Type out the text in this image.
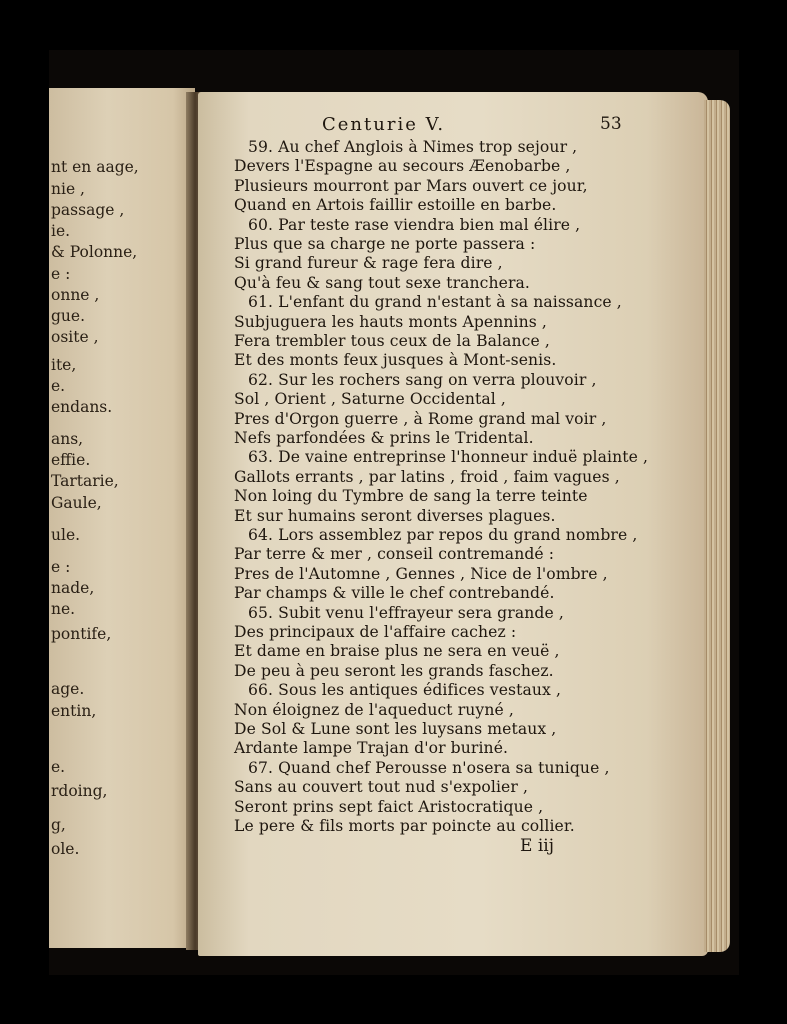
nt en aage,
nie ,
passage ,
ie.
& Polonne,
e :
onne ,
gue.
osite ,
ite,
e.
endans.
ans,
effie.
Tartarie,
Gaule,
ule.
e :
nade,
ne.
pontife,
age.
entin,
e.
rdoing,
g,
ole.
Centurie V.	53
59. Au chef Anglois à Nimes trop sejour ,
Devers l'Espagne au secours Æenobarbe ,
Plusieurs mourront par Mars ouvert ce jour,
Quand en Artois faillir estoille en barbe.
60. Par teste rase viendra bien mal élire ,
Plus que sa charge ne porte passera :
Si grand fureur & rage fera dire ,
Qu'à feu & sang tout sexe tranchera.
61. L'enfant du grand n'estant à sa naissance ,
Subjuguera les hauts monts Apennins ,
Fera trembler tous ceux de la Balance ,
Et des monts feux jusques à Mont-senis.
62. Sur les rochers sang on verra plouvoir ,
Sol , Orient , Saturne Occidental ,
Pres d'Orgon guerre , à Rome grand mal voir ,
Nefs parfondées & prins le Tridental.
63. De vaine entreprinse l'honneur induë plainte ,
Gallots errants , par latins , froid , faim vagues ,
Non loing du Tymbre de sang la terre teinte
Et sur humains seront diverses plagues.
64. Lors assemblez par repos du grand nombre ,
Par terre & mer , conseil contremandé :
Pres de l'Automne , Gennes , Nice de l'ombre ,
Par champs & ville le chef contrebandé.
65. Subit venu l'effrayeur sera grande ,
Des principaux de l'affaire cachez :
Et dame en braise plus ne sera en veuë ,
De peu à peu seront les grands faschez.
66. Sous les antiques édifices vestaux ,
Non éloignez de l'aqueduct ruyné ,
De Sol & Lune sont les luysans metaux ,
Ardante lampe Trajan d'or buriné.
67. Quand chef Perousse n'osera sa tunique ,
Sans au couvert tout nud s'expolier ,
Seront prins sept faict Aristocratique ,
Le pere & fils morts par poincte au collier.
E iij
